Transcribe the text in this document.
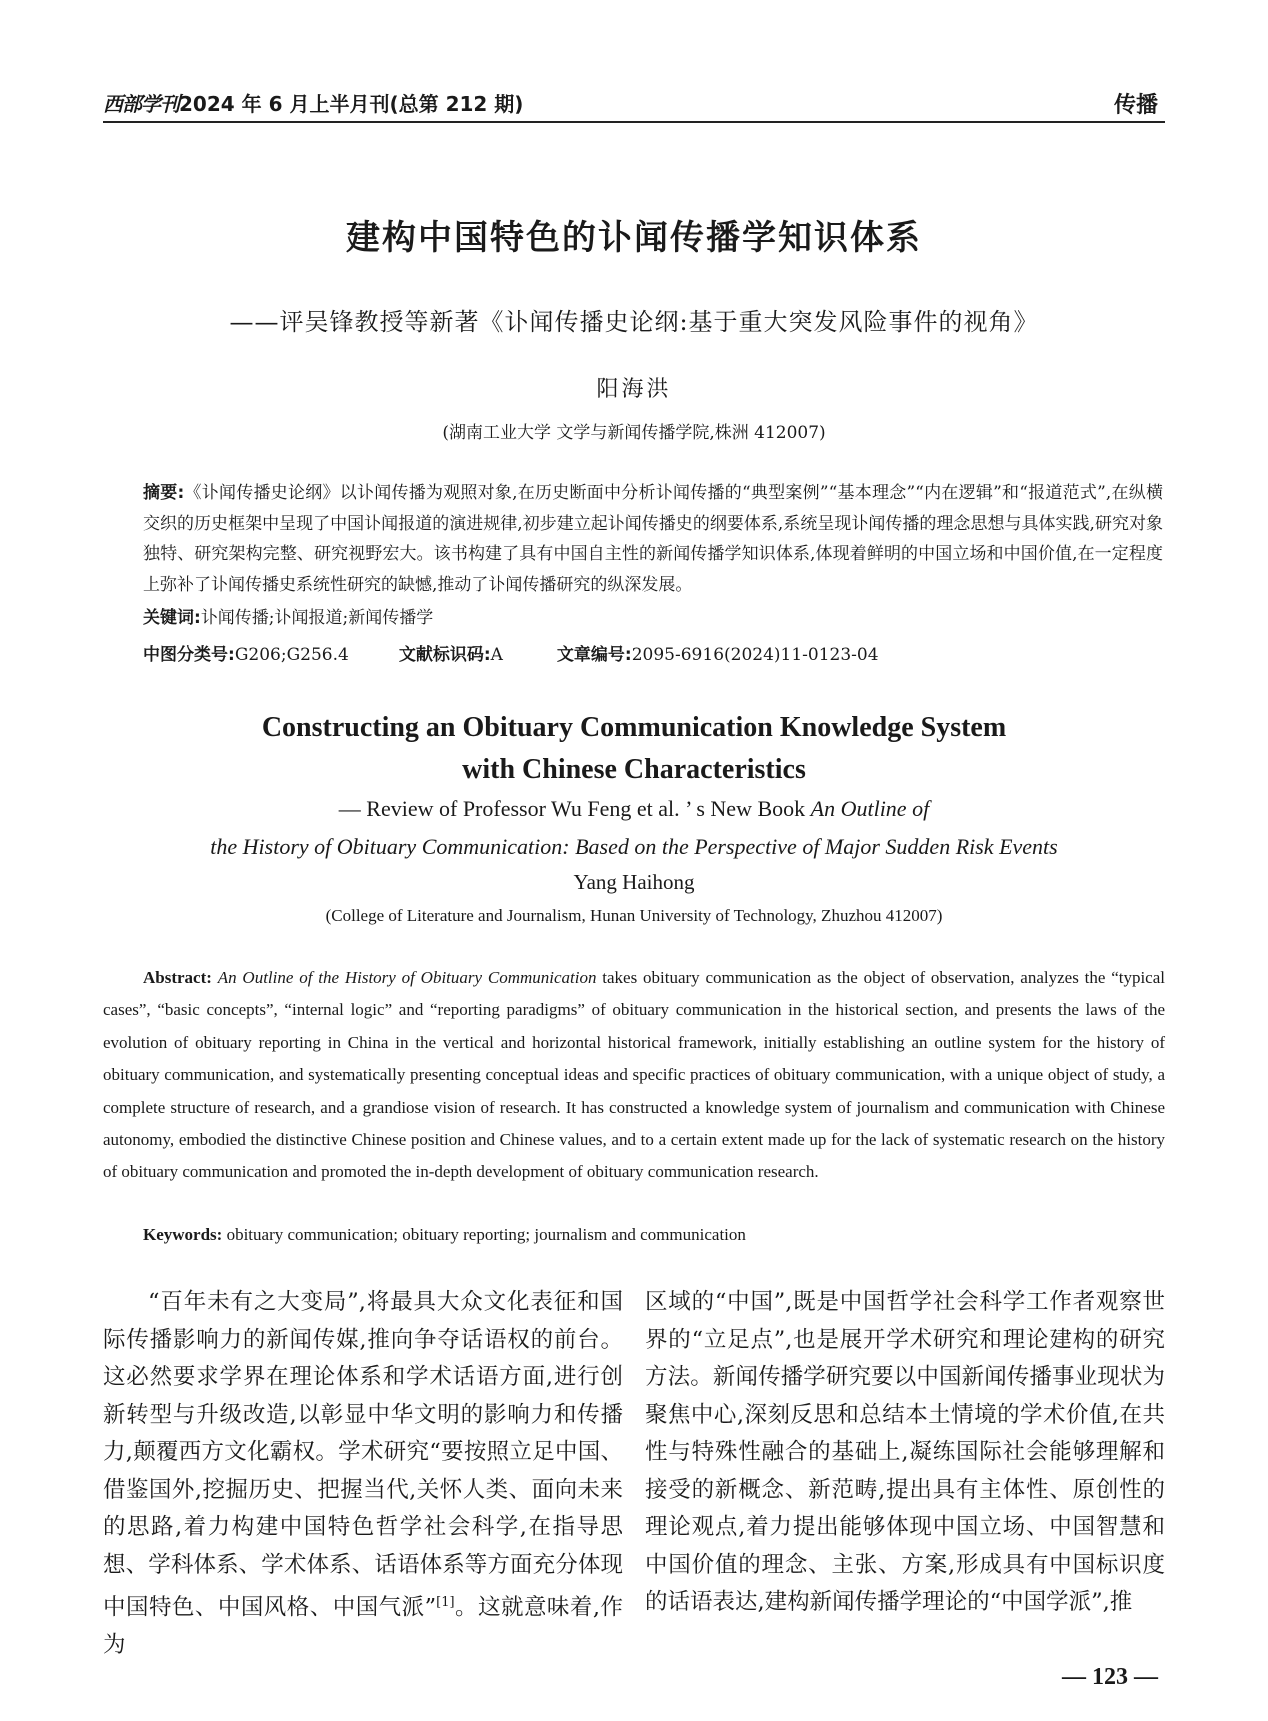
西部学刊2024 年 6 月上半月刊(总第 212 期)	传播
建构中国特色的讣闻传播学知识体系
——评吴锋教授等新著《讣闻传播史论纲:基于重大突发风险事件的视角》
阳海洪
(湖南工业大学 文学与新闻传播学院,株洲 412007)
摘要:《讣闻传播史论纲》以讣闻传播为观照对象,在历史断面中分析讣闻传播的“典型案例”“基本理念”“内在逻辑”和“报道范式”,在纵横交织的历史框架中呈现了中国讣闻报道的演进规律,初步建立起讣闻传播史的纲要体系,系统呈现讣闻传播的理念思想与具体实践,研究对象独特、研究架构完整、研究视野宏大。该书构建了具有中国自主性的新闻传播学知识体系,体现着鲜明的中国立场和中国价值,在一定程度上弥补了讣闻传播史系统性研究的缺憾,推动了讣闻传播研究的纵深发展。
关键词:讣闻传播;讣闻报道;新闻传播学
中图分类号:G206;G256.4	文献标识码:A	文章编号:2095-6916(2024)11-0123-04
Constructing an Obituary Communication Knowledge System
with Chinese Characteristics
— Review of Professor Wu Feng et al. ’ s New Book An Outline of
the History of Obituary Communication: Based on the Perspective of Major Sudden Risk Events
Yang Haihong
(College of Literature and Journalism, Hunan University of Technology, Zhuzhou 412007)
Abstract: An Outline of the History of Obituary Communication takes obituary communication as the object of observation, analyzes the “typical cases”, “basic concepts”, “internal logic” and “reporting paradigms” of obituary communication in the historical section, and presents the laws of the evolution of obituary reporting in China in the vertical and horizontal historical framework, initially establishing an outline system for the history of obituary communication, and systematically presenting conceptual ideas and specific practices of obituary communication, with a unique object of study, a complete structure of research, and a grandiose vision of research. It has constructed a knowledge system of journalism and communication with Chinese autonomy, embodied the distinctive Chinese position and Chinese values, and to a certain extent made up for the lack of systematic research on the history of obituary communication and promoted the in-depth development of obituary communication research.
Keywords: obituary communication; obituary reporting; journalism and communication
“百年未有之大变局”,将最具大众文化表征和国际传播影响力的新闻传媒,推向争夺话语权的前台。这必然要求学界在理论体系和学术话语方面,进行创新转型与升级改造,以彰显中华文明的影响力和传播力,颠覆西方文化霸权。学术研究“要按照立足中国、借鉴国外,挖掘历史、把握当代,关怀人类、面向未来的思路,着力构建中国特色哲学社会科学,在指导思想、学科体系、学术体系、话语体系等方面充分体现中国特色、中国风格、中国气派”[1]。这就意味着,作为
区域的“中国”,既是中国哲学社会科学工作者观察世界的“立足点”,也是展开学术研究和理论建构的研究方法。新闻传播学研究要以中国新闻传播事业现状为聚焦中心,深刻反思和总结本土情境的学术价值,在共性与特殊性融合的基础上,凝练国际社会能够理解和接受的新概念、新范畴,提出具有主体性、原创性的理论观点,着力提出能够体现中国立场、中国智慧和中国价值的理念、主张、方案,形成具有中国标识度的话语表达,建构新闻传播学理论的“中国学派”,推
— 123 —
